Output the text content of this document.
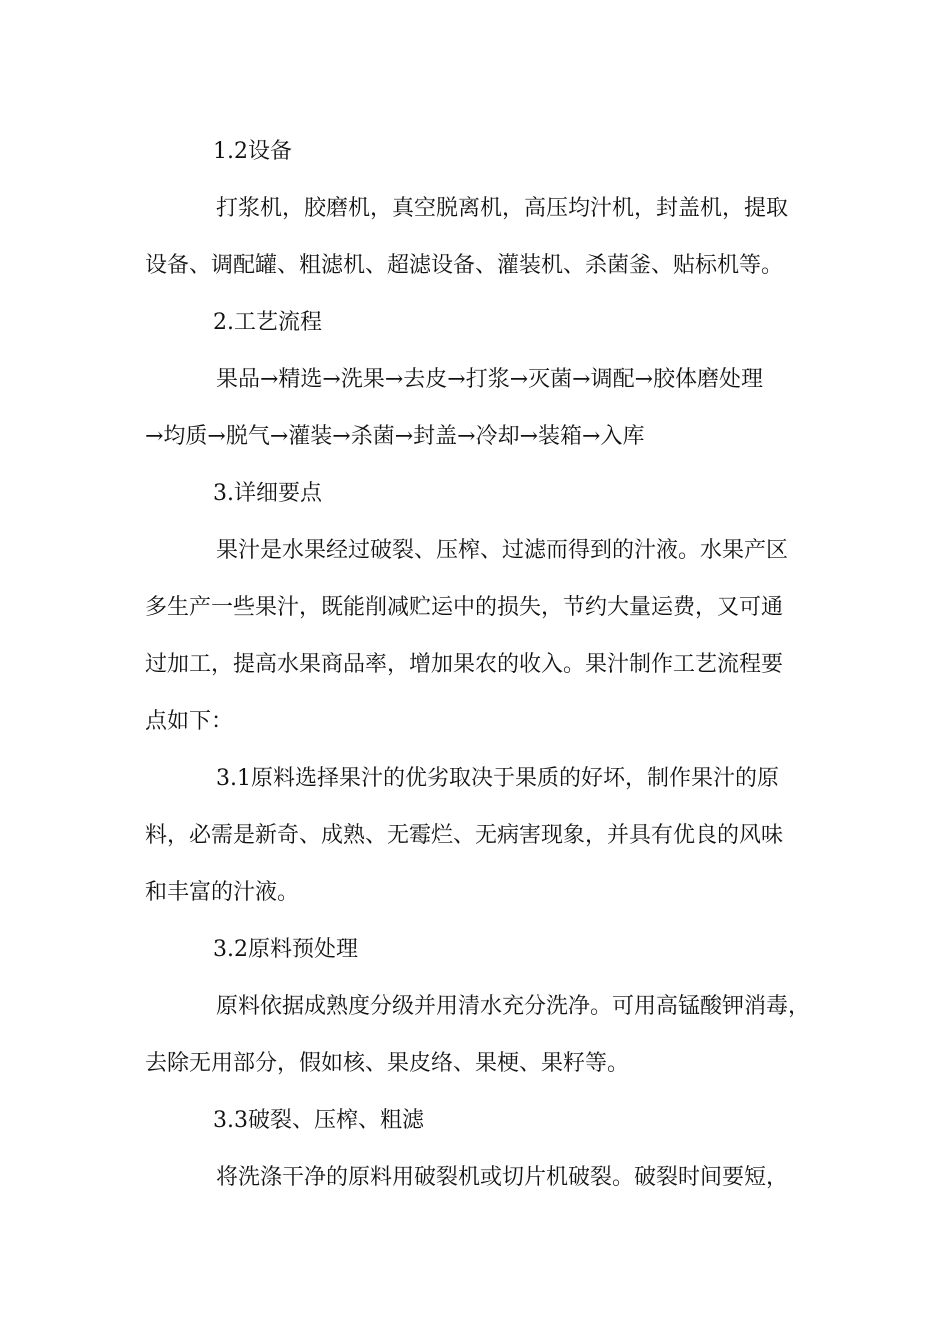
1.2设备

打浆机，胶磨机，真空脱离机，高压均汁机，封盖机，提取

设备、调配罐、粗滤机、超滤设备、灌装机、杀菌釜、贴标机等。

2.工艺流程

果品→精选→洗果→去皮→打浆→灭菌→调配→胶体磨处理

→均质→脱气→灌装→杀菌→封盖→冷却→装箱→入库

3.详细要点

果汁是水果经过破裂、压榨、过滤而得到的汁液。水果产区

多生产一些果汁，既能削减贮运中的损失，节约大量运费，又可通

过加工，提高水果商品率，增加果农的收入。果汁制作工艺流程要

点如下：

3.1原料选择果汁的优劣取决于果质的好坏，制作果汁的原

料，必需是新奇、成熟、无霉烂、无病害现象，并具有优良的风味

和丰富的汁液。

3.2原料预处理

原料依据成熟度分级并用清水充分洗净。可用高锰酸钾消毒，

去除无用部分，假如核、果皮络、果梗、果籽等。

3.3破裂、压榨、粗滤

将洗涤干净的原料用破裂机或切片机破裂。破裂时间要短，
